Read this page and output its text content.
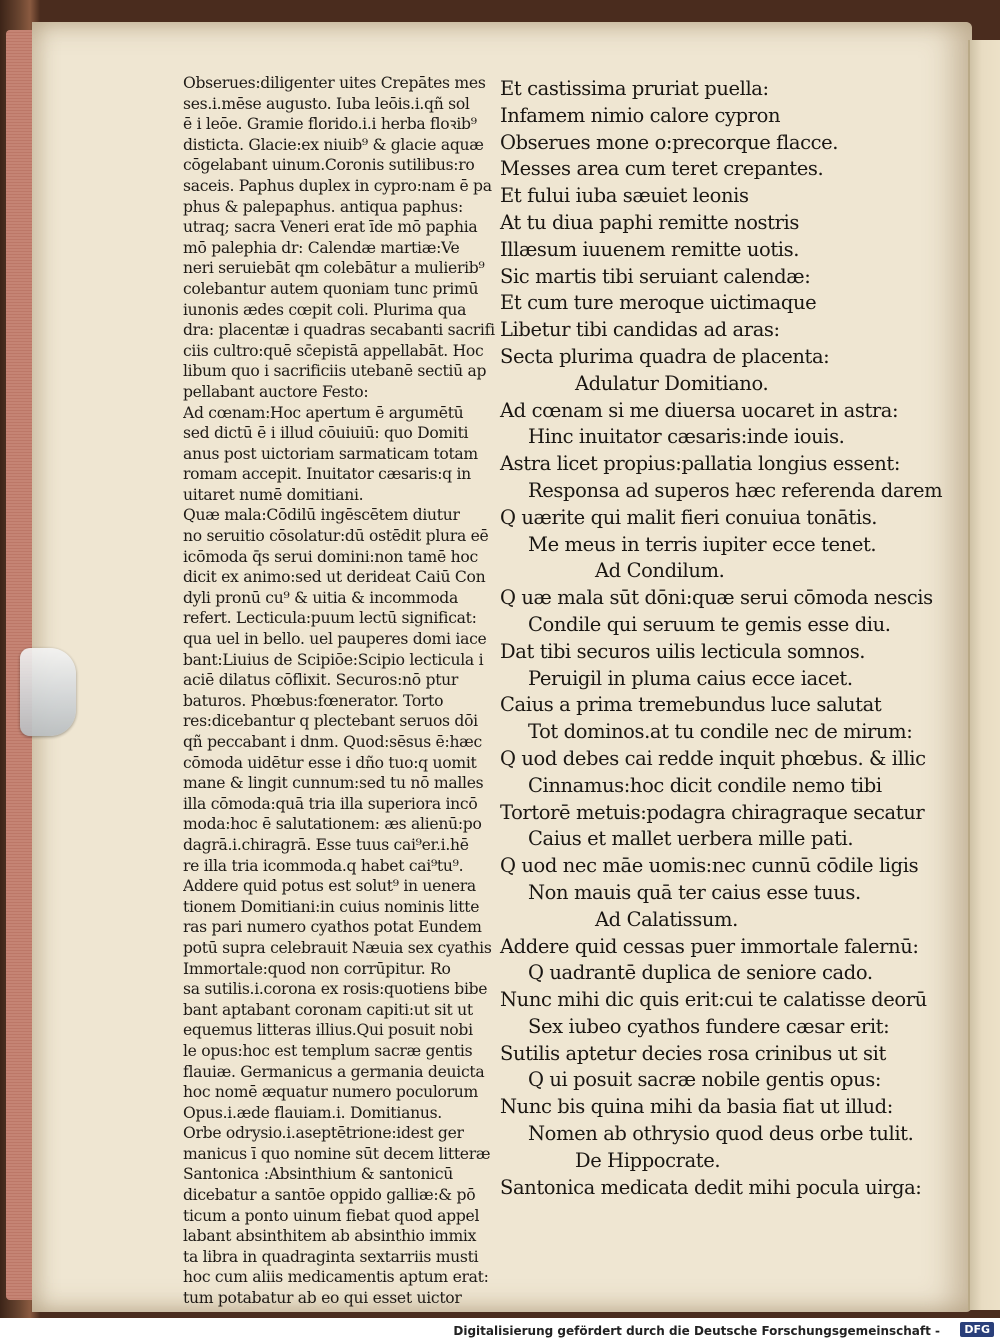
Obserues:diligenter uites Crepātes mes
ses.i.mēse augusto. Iuba leōis.i.qñ sol
ē i leōe. Gramie florido.i.i herba floꝛib⁹
disticta. Glacie:ex niuib⁹ & glacie aquæ
cōgelabant uinum.Coronis sutilibus:ro
saceis. Paphus duplex in cypro:nam ē pa
phus & palepaphus. antiqua paphus:
utraq; sacra Veneri erat īde mō paphia
mō palephia dr: Calendæ martiæ:Ve
neri seruiebāt qm colebātur a mulierib⁹
colebantur autem quoniam tunc primū
iunonis ædes cœpit coli. Plurima qua
dra: placentæ i quadras secabanti sacrifi
ciis cultro:quē sc̄epistā appellabāt. Hoc
libum quo i sacrificiis utebanē sectiū ap
pellabant auctore Festo:
Ad cœnam:Hoc apertum ē argumētū
sed dictū ē i illud cōuiuiū: quo Domiti
anus post uictoriam sarmaticam totam
romam accepit. Inuitator cæsaris:q in
uitaret numē domitiani.
Quæ mala:Cōdilū ingēscētem diutur
no seruitio cōsolatur:dū ostēdit plura eē
icōmoda q̄s serui domini:non tamē hoc
dicit ex animo:sed ut derideat Caiū Con
dyli pronū cu⁹ & uitia & incommoda
refert. Lecticula:puum lectū significat:
qua uel in bello. uel pauperes domi iace
bant:Liuius de Scipiōe:Scipio lecticula i
aciē dilatus cōflixit. Securos:nō ptur
baturos. Phœbus:fœnerator. Torto
res:dicebantur q plectebant seruos dōi
qñ peccabant i dnm. Quod:sēsus ē:hæc
cōmoda uidētur esse i dño tuo:q uomit
mane & lingit cunnum:sed tu nō malles
illa cōmoda:quā tria illa superiora incō
moda:hoc ē salutationem: æs alienū:po
dagrā.i.chiragrā. Esse tuus cai⁹er.i.hē
re illa tria icommoda.q habet cai⁹tu⁹.
Addere quid potus est solut⁹ in uenera
tionem Domitiani:in cuius nominis litte
ras pari numero cyathos potat Eundem
potū supra celebrauit Næuia sex cyathis
Immortale:quod non corrūpitur. Ro
sa sutilis.i.corona ex rosis:quotiens bibe
bant aptabant coronam capiti:ut sit ut
equemus litteras illius.Qui posuit nobi
le opus:hoc est templum sacræ gentis
flauiæ. Germanicus a germania deuicta
hoc nomē æquatur numero poculorum
Opus.i.æde flauiam.i. Domitianus.
Orbe odrysio.i.aseptētrione:idest ger
manicus ī quo nomine sūt decem litteræ
Santonica :Absinthium & santonicū
dicebatur a santōe oppido galliæ:& pō
ticum a ponto uinum fiebat quod appel
labant absinthitem ab absinthio immix
ta libra in quadraginta sextarriis musti
hoc cum aliis medicamentis aptum erat:
tum potabatur ab eo qui esset uictor
Et castissima pruriat puella:
Infamem nimio calore cypron
Obserues mone o:precorque flacce.
Messes area cum teret crepantes.
Et fului iuba sæuiet leonis
At tu diua paphi remitte nostris
Illæsum iuuenem remitte uotis.
Sic martis tibi seruiant calendæ:
Et cum ture meroque uictimaque
Libetur tibi candidas ad aras:
Secta plurima quadra de placenta:
Adulatur Domitiano.
Ad cœnam si me diuersa uocaret in astra:
Hinc inuitator cæsaris:inde iouis.
Astra licet propius:pallatia longius essent:
Responsa ad superos hæc referenda darem
Q uærite qui malit fieri conuiua tonātis.
Me meus in terris iupiter ecce tenet.
Ad Condilum.
Q uæ mala sūt dōni:quæ serui cōmoda nescis
Condile qui seruum te gemis esse diu.
Dat tibi securos uilis lecticula somnos.
Peruigil in pluma caius ecce iacet.
Caius a prima tremebundus luce salutat
Tot dominos.at tu condile nec de mirum:
Q uod debes cai redde inquit phœbus. & illic
Cinnamus:hoc dicit condile nemo tibi
Tortorē metuis:podagra chiragraque secatur
Caius et mallet uerbera mille pati.
Q uod nec māe uomis:nec cunnū cōdile ligis
Non mauis quā ter caius esse tuus.
Ad Calatissum.
Addere quid cessas puer immortale falernū:
Q uadrantē duplica de seniore cado.
Nunc mihi dic quis erit:cui te calatisse deorū
Sex iubeo cyathos fundere cæsar erit:
Sutilis aptetur decies rosa crinibus ut sit
Q ui posuit sacræ nobile gentis opus:
Nunc bis quina mihi da basia fiat ut illud:
Nomen ab othrysio quod deus orbe tulit.
De Hippocrate.
Santonica medicata dedit mihi pocula uirga:
Digitalisierung gefördert durch die Deutsche Forschungsgemeinschaft -	DFG
